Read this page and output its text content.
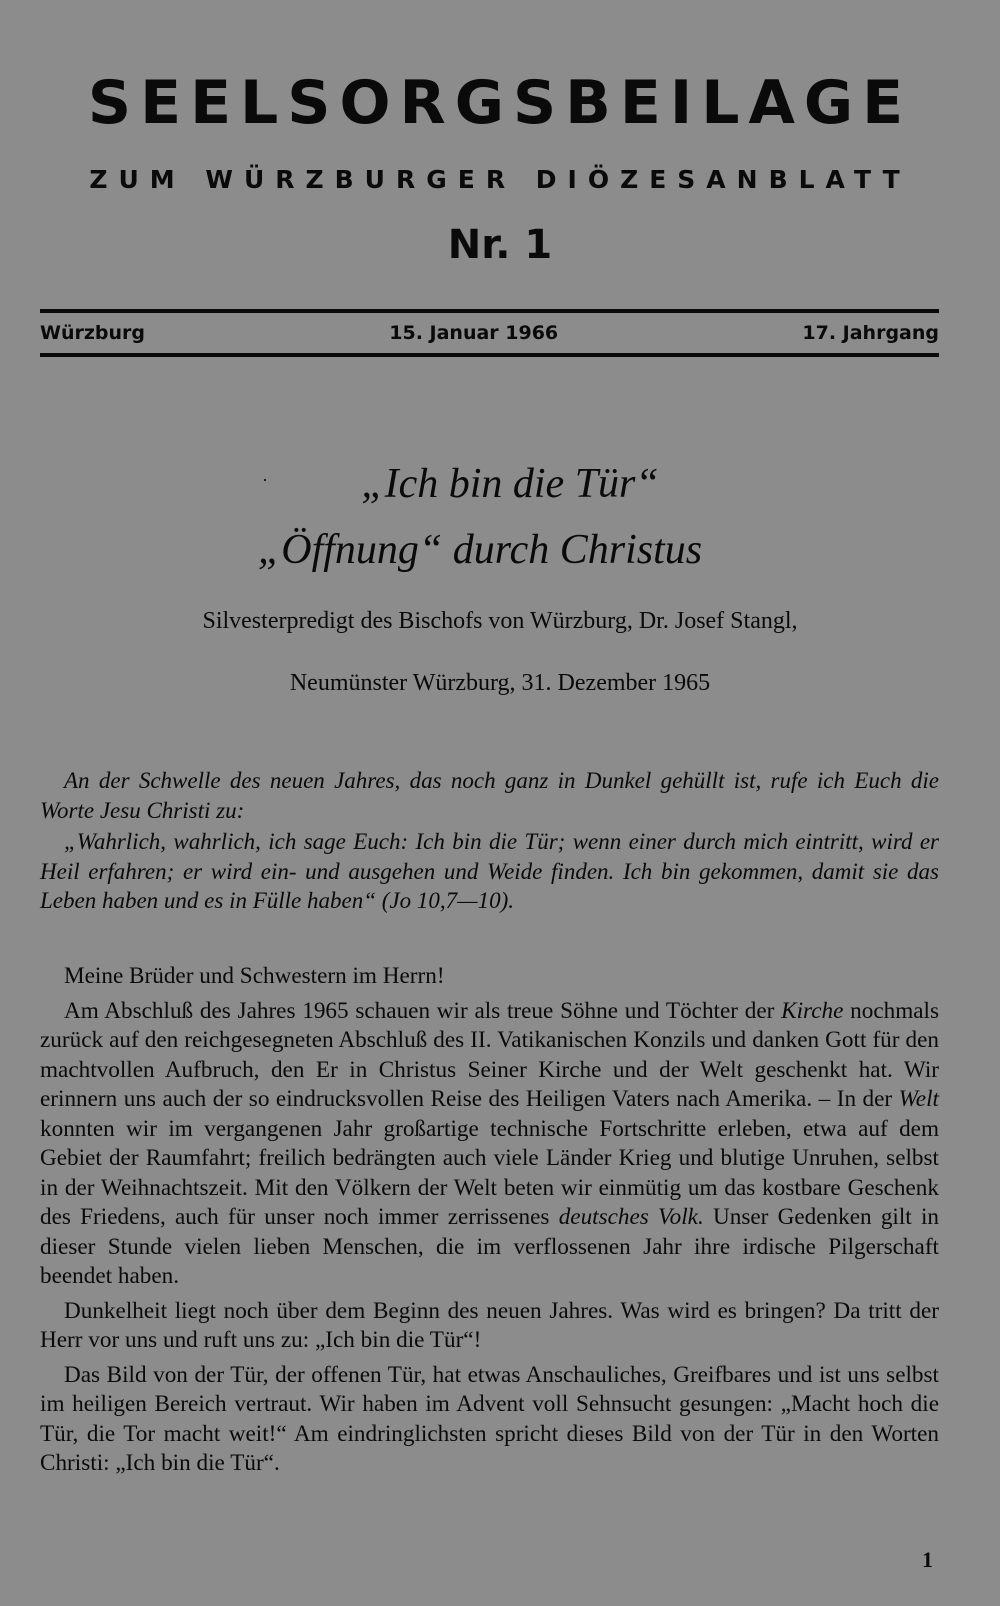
SEELSORGSBEILAGE
ZUM WÜRZBURGER DIÖZESANBLATT
Nr. 1
Würzburg	15. Januar 1966	17. Jahrgang
·	„Ich bin die Tür“
„Öffnung“ durch Christus
Silvesterpredigt des Bischofs von Würzburg, Dr. Josef Stangl,
Neumünster Würzburg, 31. Dezember 1965

An der Schwelle des neuen Jahres, das noch ganz in Dunkel gehüllt ist, rufe ich Euch die Worte Jesu Christi zu:

„Wahrlich, wahrlich, ich sage Euch: Ich bin die Tür; wenn einer durch mich eintritt, wird er Heil erfahren; er wird ein- und ausgehen und Weide finden. Ich bin gekommen, damit sie das Leben haben und es in Fülle haben“ (Jo 10,7—10).

Meine Brüder und Schwestern im Herrn!

Am Abschluß des Jahres 1965 schauen wir als treue Söhne und Töchter der Kirche nochmals zurück auf den reichgesegneten Abschluß des II. Vatikanischen Konzils und danken Gott für den machtvollen Aufbruch, den Er in Christus Seiner Kirche und der Welt geschenkt hat. Wir erinnern uns auch der so eindrucksvollen Reise des Heiligen Vaters nach Amerika. – In der Welt konnten wir im vergangenen Jahr großartige technische Fortschritte erleben, etwa auf dem Gebiet der Raumfahrt; freilich bedrängten auch viele Länder Krieg und blutige Unruhen, selbst in der Weihnachtszeit. Mit den Völkern der Welt beten wir einmütig um das kostbare Geschenk des Friedens, auch für unser noch immer zerrissenes deutsches Volk. Unser Gedenken gilt in dieser Stunde vielen lieben Menschen, die im verflossenen Jahr ihre irdische Pilgerschaft beendet haben.

Dunkelheit liegt noch über dem Beginn des neuen Jahres. Was wird es bringen? Da tritt der Herr vor uns und ruft uns zu: „Ich bin die Tür“!

Das Bild von der Tür, der offenen Tür, hat etwas Anschauliches, Greifbares und ist uns selbst im heiligen Bereich vertraut. Wir haben im Advent voll Sehnsucht gesungen: „Macht hoch die Tür, die Tor macht weit!“ Am eindringlichsten spricht dieses Bild von der Tür in den Worten Christi: „Ich bin die Tür“.

1
